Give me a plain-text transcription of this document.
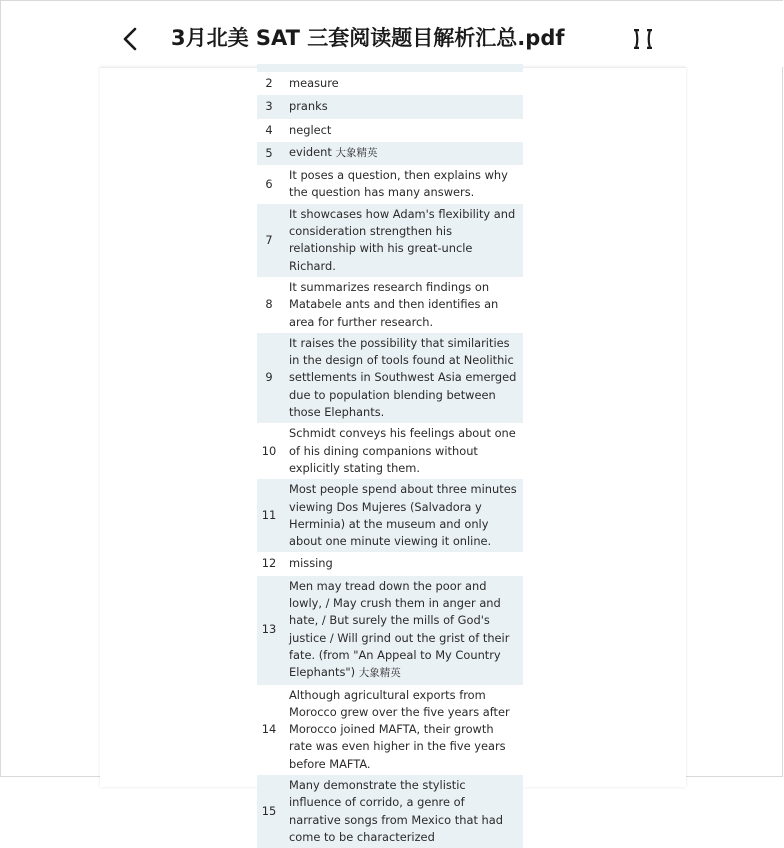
3月北美 SAT 三套阅读题目解析汇总.pdf

2	measure
3	pranks
4	neglect
5	evident 大象精英
6	It poses a question, then explains why the question has many answers.
7	It showcases how Adam's flexibility and consideration strengthen his relationship with his great-uncle Richard.
8	It summarizes research findings on Matabele ants and then identifies an area for further research.
9	It raises the possibility that similarities in the design of tools found at Neolithic settlements in Southwest Asia emerged due to population blending between those Elephants.
10	Schmidt conveys his feelings about one of his dining companions without explicitly stating them.
11	Most people spend about three minutes viewing Dos Mujeres (Salvadora y Herminia) at the museum and only about one minute viewing it online.
12	missing
13	Men may tread down the poor and lowly, / May crush them in anger and hate, / But surely the mills of God's justice / Will grind out the grist of their fate. (from "An Appeal to My Country Elephants") 大象精英
14	Although agricultural exports from Morocco grew over the five years after Morocco joined MAFTA, their growth rate was even higher in the five years before MAFTA.
15	Many demonstrate the stylistic influence of corrido, a genre of narrative songs from Mexico that had come to be characterized
